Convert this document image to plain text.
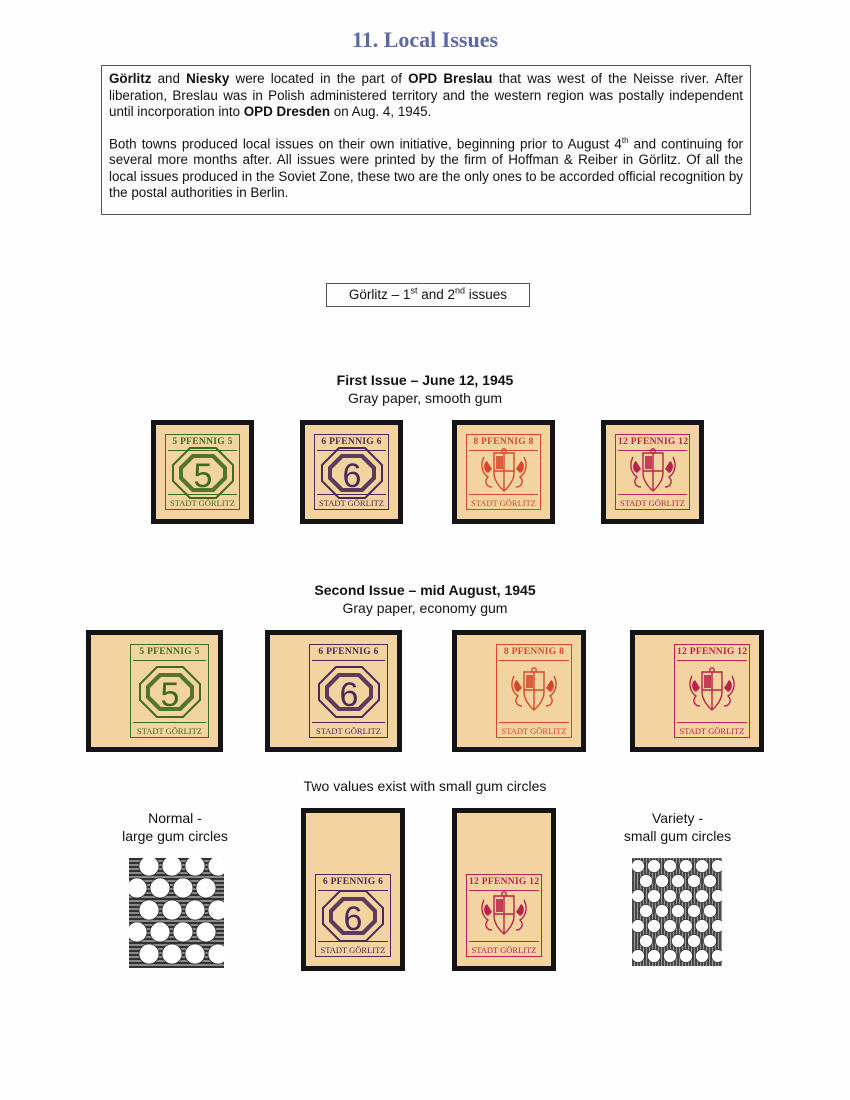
11. Local Issues

Görlitz and Niesky were located in the part of OPD Breslau that was west of the Neisse river. After liberation, Breslau was in Polish administered territory and the western region was postally independent until incorporation into OPD Dresden on Aug. 4, 1945.

Both towns produced local issues on their own initiative, beginning prior to August 4th and continuing for several more months after. All issues were printed by the firm of Hoffman & Reiber in Görlitz. Of all the local issues produced in the Soviet Zone, these two are the only ones to be accorded official recognition by the postal authorities in Berlin.

Görlitz – 1st and 2nd issues
First Issue – June 12, 1945
Gray paper, smooth gum
Second Issue – mid August, 1945
Gray paper, economy gum
Two values exist with small gum circles
Normal -
large gum circles
Variety -
small gum circles
5 PFENNIG 5
5
STADT GÖRLITZ
6 PFENNIG 6
6
STADT GÖRLITZ
8 PFENNIG 8
STADT GÖRLITZ
12 PFENNIG 12
STADT GÖRLITZ
5 PFENNIG 5
5
STADT GÖRLITZ
6 PFENNIG 6
6
STADT GÖRLITZ
8 PFENNIG 8
STADT GÖRLITZ
12 PFENNIG 12
STADT GÖRLITZ
6 PFENNIG 6
6
STADT GÖRLITZ
12 PFENNIG 12
STADT GÖRLITZ
